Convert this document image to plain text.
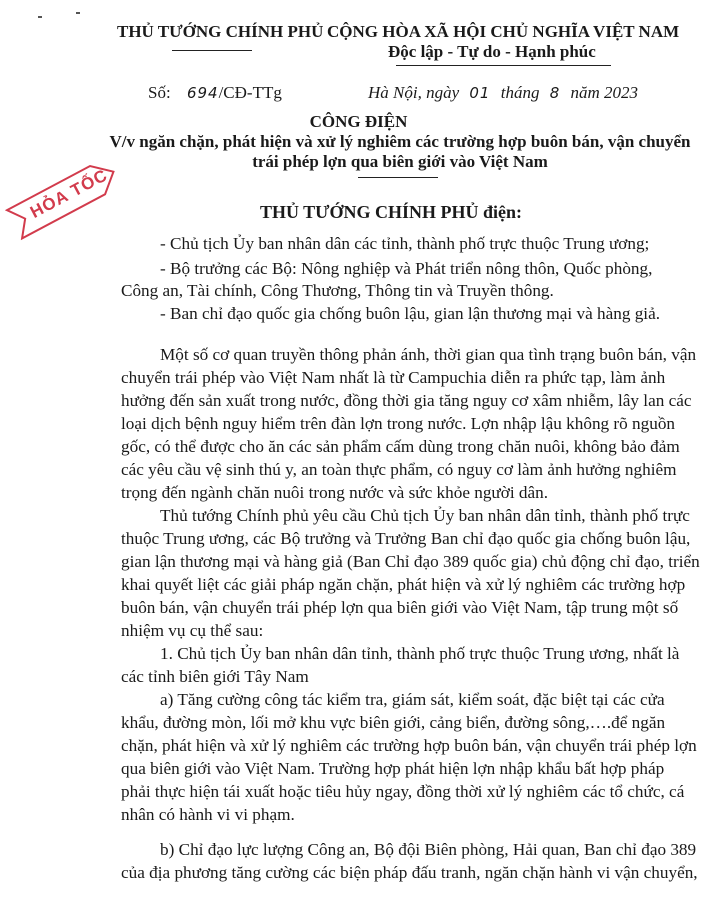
THỦ TƯỚNG CHÍNH PHỦ CỘNG HÒA XÃ HỘI CHỦ NGHĨA VIỆT NAM
Độc lập - Tự do - Hạnh phúc
Số: 694/CĐ-TTg	Hà Nội, ngày 01 tháng 8 năm 2023
CÔNG ĐIỆN
V/v ngăn chặn, phát hiện và xử lý nghiêm các trường hợp buôn bán, vận chuyển
trái phép lợn qua biên giới vào Việt Nam
HỎA TỐC	THỦ TƯỚNG CHÍNH PHỦ điện:
- Chủ tịch Ủy ban nhân dân các tỉnh, thành phố trực thuộc Trung ương;
- Bộ trưởng các Bộ: Nông nghiệp và Phát triển nông thôn, Quốc phòng,
Công an, Tài chính, Công Thương, Thông tin và Truyền thông.
- Ban chỉ đạo quốc gia chống buôn lậu, gian lận thương mại và hàng giả.
Một số cơ quan truyền thông phản ánh, thời gian qua tình trạng buôn bán, vận
chuyển trái phép vào Việt Nam nhất là từ Campuchia diễn ra phức tạp, làm ảnh
hưởng đến sản xuất trong nước, đồng thời gia tăng nguy cơ xâm nhiễm, lây lan các
loại dịch bệnh nguy hiểm trên đàn lợn trong nước. Lợn nhập lậu không rõ nguồn
gốc, có thể được cho ăn các sản phẩm cấm dùng trong chăn nuôi, không bảo đảm
các yêu cầu vệ sinh thú y, an toàn thực phẩm, có nguy cơ làm ảnh hưởng nghiêm
trọng đến ngành chăn nuôi trong nước và sức khỏe người dân.
Thủ tướng Chính phủ yêu cầu Chủ tịch Ủy ban nhân dân tỉnh, thành phố trực
thuộc Trung ương, các Bộ trưởng và Trưởng Ban chỉ đạo quốc gia chống buôn lậu,
gian lận thương mại và hàng giả (Ban Chỉ đạo 389 quốc gia) chủ động chỉ đạo, triển
khai quyết liệt các giải pháp ngăn chặn, phát hiện và xử lý nghiêm các trường hợp
buôn bán, vận chuyển trái phép lợn qua biên giới vào Việt Nam, tập trung một số
nhiệm vụ cụ thể sau:
1. Chủ tịch Ủy ban nhân dân tỉnh, thành phố trực thuộc Trung ương, nhất là
các tỉnh biên giới Tây Nam
a) Tăng cường công tác kiểm tra, giám sát, kiểm soát, đặc biệt tại các cửa
khẩu, đường mòn, lối mở khu vực biên giới, cảng biển, đường sông,….để ngăn
chặn, phát hiện và xử lý nghiêm các trường hợp buôn bán, vận chuyển trái phép lợn
qua biên giới vào Việt Nam. Trường hợp phát hiện lợn nhập khẩu bất hợp pháp
phải thực hiện tái xuất hoặc tiêu hủy ngay, đồng thời xử lý nghiêm các tổ chức, cá
nhân có hành vi vi phạm.
b) Chỉ đạo lực lượng Công an, Bộ đội Biên phòng, Hải quan, Ban chỉ đạo 389
của địa phương tăng cường các biện pháp đấu tranh, ngăn chặn hành vi vận chuyển,
